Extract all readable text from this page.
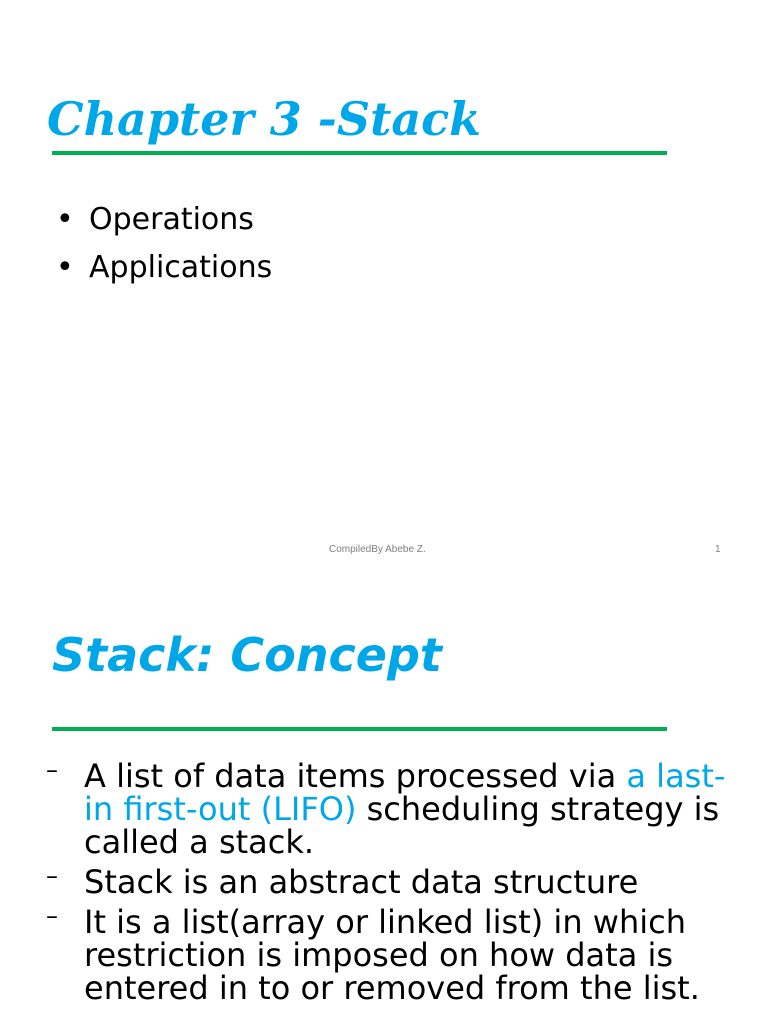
Chapter 3 -Stack
• Operations
• Applications
CompiledBy Abebe Z.	1
Stack: Concept
– A list of data items processed via a last-in first-out (LIFO) scheduling strategy is called a stack.
– Stack is an abstract data structure
– It is a list(array or linked list) in which restriction is imposed on how data is entered in to or removed from the list.
